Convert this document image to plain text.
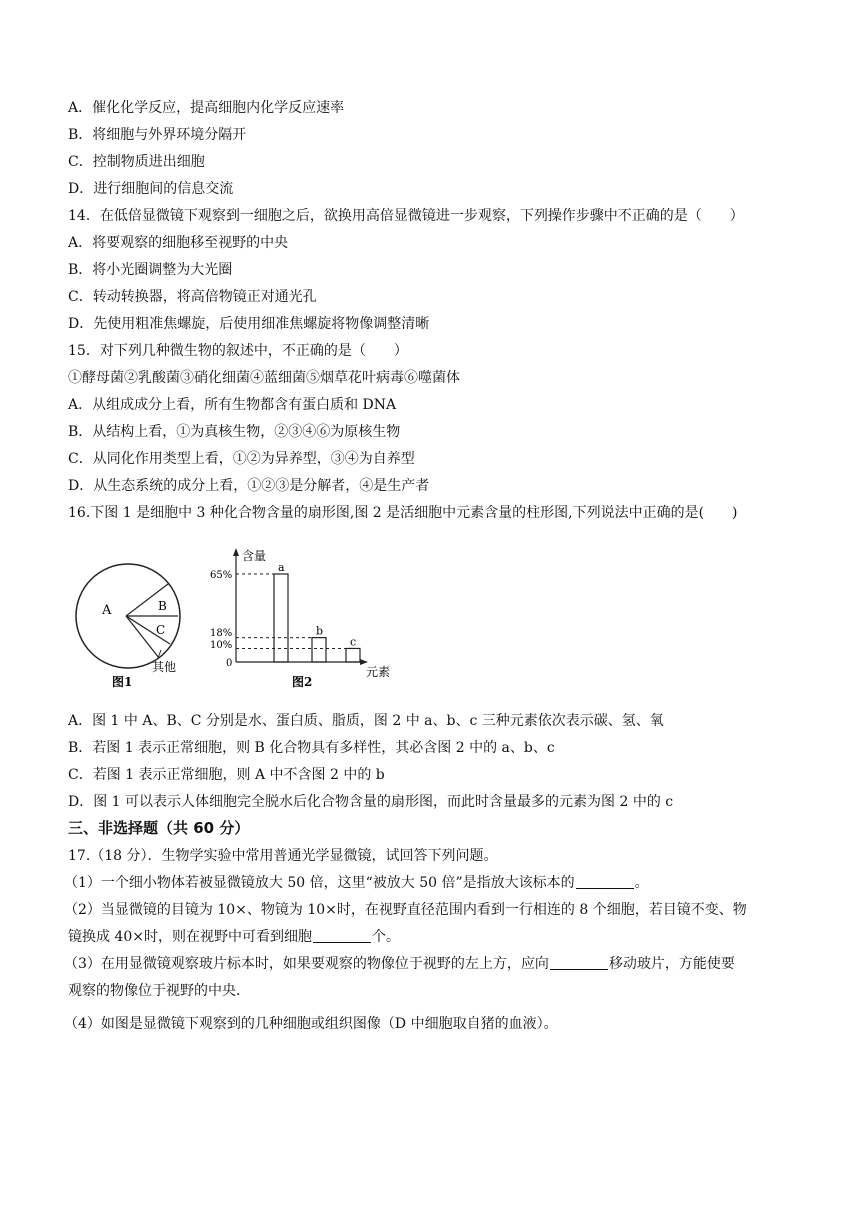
A．催化化学反应，提高细胞内化学反应速率
B．将细胞与外界环境分隔开
C．控制物质进出细胞
D．进行细胞间的信息交流
14．在低倍显微镜下观察到一细胞之后，欲换用高倍显微镜进一步观察，下列操作步骤中不正确的是（　　）
A．将要观察的细胞移至视野的中央
B．将小光圈调整为大光圈
C．转动转换器，将高倍物镜正对通光孔
D．先使用粗准焦螺旋，后使用细准焦螺旋将物像调整清晰
15．对下列几种微生物的叙述中，不正确的是（　　）
①酵母菌②乳酸菌③硝化细菌④蓝细菌⑤烟草花叶病毒⑥噬菌体
A．从组成成分上看，所有生物都含有蛋白质和 DNA
B．从结构上看，①为真核生物，②③④⑥为原核生物
C．从同化作用类型上看，①②为异养型，③④为自养型
D．从生态系统的成分上看，①②③是分解者，④是生产者
16.下图 1 是细胞中 3 种化合物含量的扇形图,图 2 是活细胞中元素含量的柱形图,下列说法中正确的是(　　)
A	B
C
其他
图1
含量
元素
65%
18%
10%
0
a
b
c
图2
A．图 1 中 A、B、C 分别是水、蛋白质、脂质，图 2 中 a、b、c 三种元素依次表示碳、氢、氧
B．若图 1 表示正常细胞，则 B 化合物具有多样性，其必含图 2 中的 a、b、c
C．若图 1 表示正常细胞，则 A 中不含图 2 中的 b
D．图 1 可以表示人体细胞完全脱水后化合物含量的扇形图，而此时含量最多的元素为图 2 中的 c
三、非选择题（共 60 分）
17.（18 分）．生物学实验中常用普通光学显微镜，试回答下列问题。
（1）一个细小物体若被显微镜放大 50 倍，这里“被放大 50 倍”是指放大该标本的	。
（2）当显微镜的目镜为 10×、物镜为 10×时，在视野直径范围内看到一行相连的 8 个细胞，若目镜不变、物
镜换成 40×时，则在视野中可看到细胞	个。
（3）在用显微镜观察玻片标本时，如果要观察的物像位于视野的左上方，应向	移动玻片，方能使要
观察的物像位于视野的中央.
（4）如图是显微镜下观察到的几种细胞或组织图像（D 中细胞取自猪的血液）。
